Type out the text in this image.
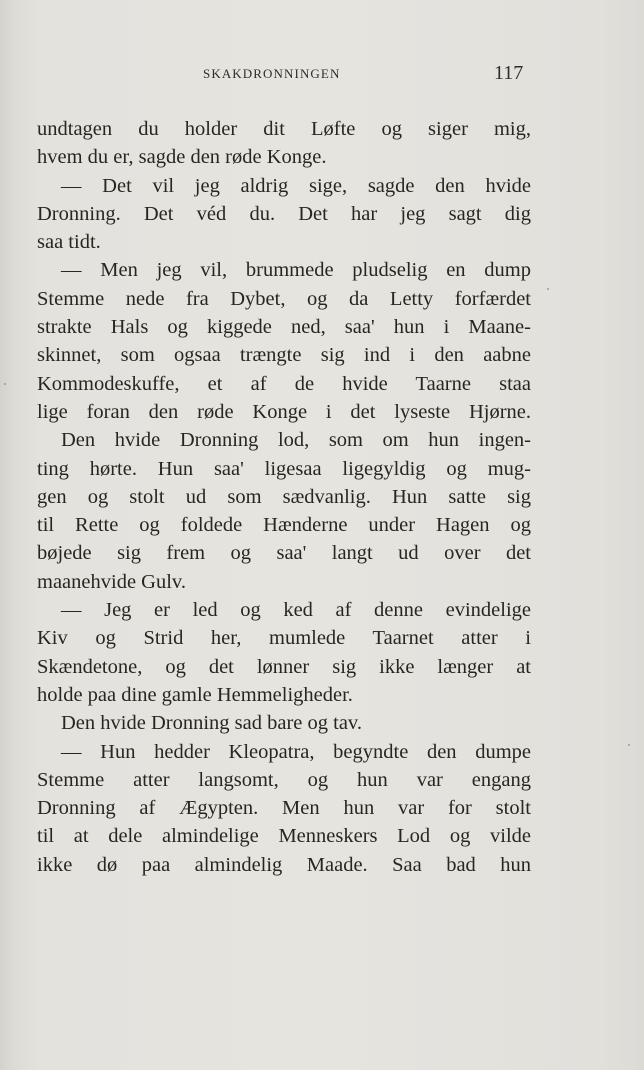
SKAKDRONNINGEN	117
undtagen du holder dit Løfte og siger mig,
hvem du er, sagde den røde Konge.
— Det vil jeg aldrig sige, sagde den hvide
Dronning. Det véd du. Det har jeg sagt dig
saa tidt.
— Men jeg vil, brummede pludselig en dump
Stemme nede fra Dybet, og da Letty forfærdet
strakte Hals og kiggede ned, saa' hun i Maane-
skinnet, som ogsaa trængte sig ind i den aabne
Kommodeskuffe, et af de hvide Taarne staa
lige foran den røde Konge i det lyseste Hjørne.
Den hvide Dronning lod, som om hun ingen-
ting hørte. Hun saa' ligesaa ligegyldig og mug-
gen og stolt ud som sædvanlig. Hun satte sig
til Rette og foldede Hænderne under Hagen og
bøjede sig frem og saa' langt ud over det
maanehvide Gulv.
— Jeg er led og ked af denne evindelige
Kiv og Strid her, mumlede Taarnet atter i
Skændetone, og det lønner sig ikke længer at
holde paa dine gamle Hemmeligheder.
Den hvide Dronning sad bare og tav.
— Hun hedder Kleopatra, begyndte den dumpe
Stemme atter langsomt, og hun var engang
Dronning af Ægypten. Men hun var for stolt
til at dele almindelige Menneskers Lod og vilde
ikke dø paa almindelig Maade. Saa bad hun
